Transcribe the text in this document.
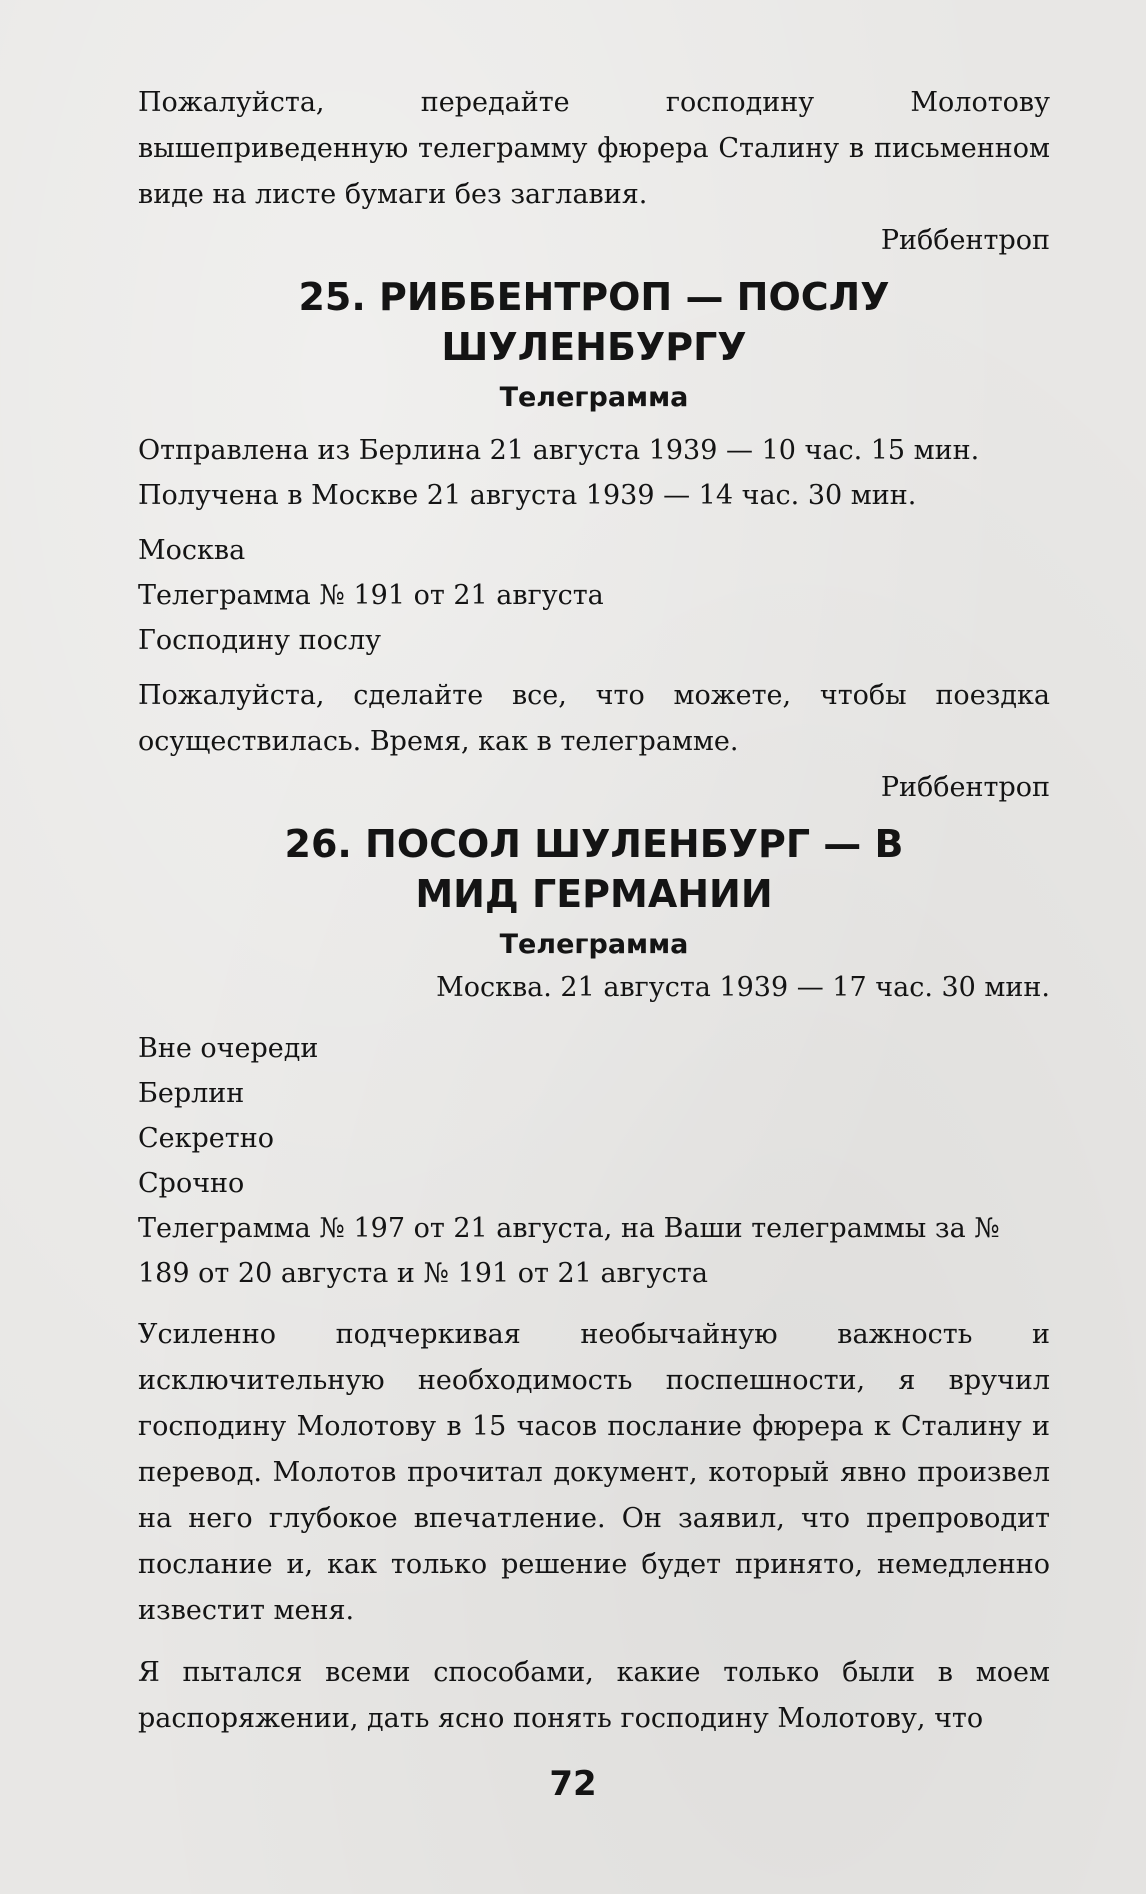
Пожалуйста, передайте господину Молотову вышеприведенную телеграмму фюрера Сталину в письменном виде на листе бумаги без заглавия.

Риббентроп

25. РИББЕНТРОП — ПОСЛУ ШУЛЕНБУРГУ
Телеграмма

Отправлена из Берлина 21 августа 1939 — 10 час. 15 мин.

Получена в Москве 21 августа 1939 — 14 час. 30 мин.

Москва

Телеграмма № 191 от 21 августа

Господину послу

Пожалуйста, сделайте все, что можете, чтобы поездка осуществилась. Время, как в телеграмме.

Риббентроп

26. ПОСОЛ ШУЛЕНБУРГ — В МИД ГЕРМАНИИ
Телеграмма

Москва. 21 августа 1939 — 17 час. 30 мин.

Вне очереди

Берлин

Секретно

Срочно

Телеграмма № 197 от 21 августа, на Ваши телеграммы за № 189 от 20 августа и № 191 от 21 августа

Усиленно подчеркивая необычайную важность и исключительную необходимость поспешности, я вручил господину Молотову в 15 часов послание фюрера к Сталину и перевод. Молотов прочитал документ, который явно произвел на него глубокое впечатление. Он заявил, что препроводит послание и, как только решение будет принято, немедленно известит меня.

Я пытался всеми способами, какие только были в моем распоряжении, дать ясно понять господину Молотову, что

72
